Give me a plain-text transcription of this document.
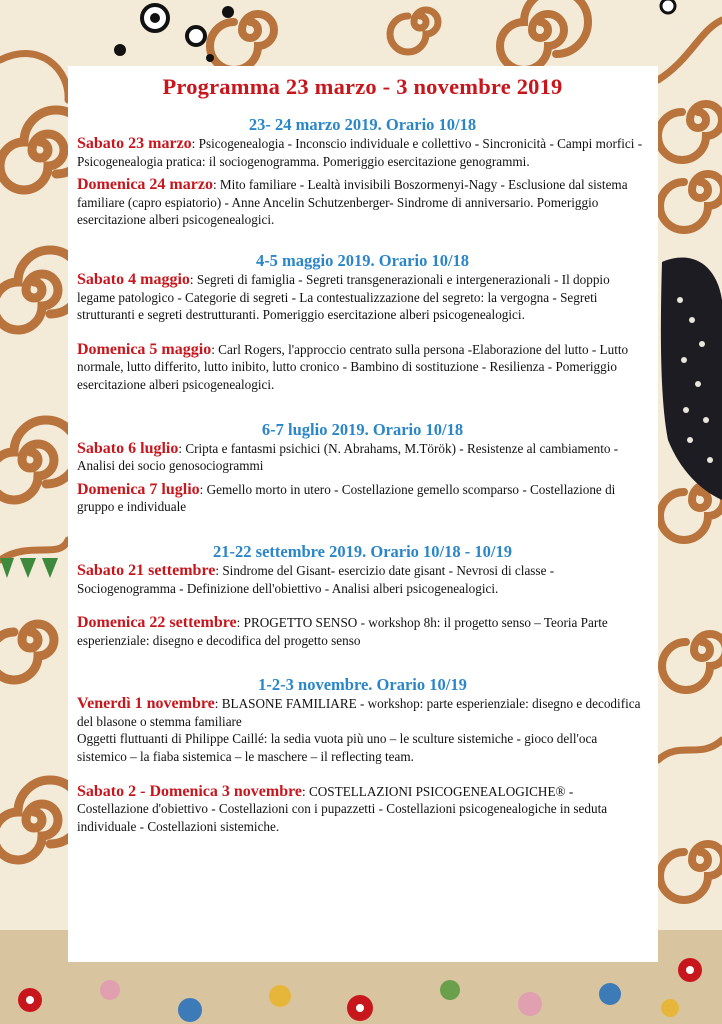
Programma 23 marzo - 3 novembre 2019
23- 24 marzo 2019. Orario 10/18

Sabato 23 marzo: Psicogenealogia - Inconscio individuale e collettivo - Sincronicità - Campi morfici - Psicogenealogia pratica: il sociogenogramma. Pomeriggio esercitazione genogrammi.

Domenica 24 marzo: Mito familiare - Lealtà invisibili Boszormenyi-Nagy - Esclusione dal sistema familiare (capro espiatorio) - Anne Ancelin Schutzenberger- Sindrome di anniversario. Pomeriggio esercitazione alberi psicogenealogici.

4-5 maggio 2019. Orario 10/18

Sabato 4 maggio: Segreti di famiglia - Segreti transgenerazionali e intergenerazionali - Il doppio legame patologico - Categorie di segreti - La contestualizzazione del segreto: la vergogna - Segreti strutturanti e segreti destrutturanti. Pomeriggio esercitazione alberi psicogenealogici.

Domenica 5 maggio: Carl Rogers, l'approccio centrato sulla persona -Elaborazione del lutto - Lutto normale, lutto differito, lutto inibito, lutto cronico - Bambino di sostituzione - Resilienza - Pomeriggio esercitazione alberi psicogenealogici.

6-7 luglio 2019. Orario 10/18

Sabato 6 luglio: Cripta e fantasmi psichici (N. Abrahams, M.Török) - Resistenze al cambiamento - Analisi dei socio genosociogrammi

Domenica 7 luglio: Gemello morto in utero - Costellazione gemello scomparso - Costellazione di gruppo e individuale

21-22 settembre 2019. Orario 10/18 - 10/19

Sabato 21 settembre: Sindrome del Gisant- esercizio date gisant - Nevrosi di classe - Sociogenogramma - Definizione dell'obiettivo - Analisi alberi psicogenealogici.

Domenica 22 settembre: PROGETTO SENSO - workshop 8h: il progetto senso – Teoria Parte esperienziale: disegno e decodifica del progetto senso

1-2-3 novembre. Orario 10/19

Venerdì 1 novembre: BLASONE FAMILIARE - workshop: parte esperienziale: disegno e decodifica del blasone o stemma familiare

Oggetti fluttuanti di Philippe Caillé: la sedia vuota più uno – le sculture sistemiche - gioco dell'oca sistemico – la fiaba sistemica – le maschere – il reflecting team.

Sabato 2 - Domenica 3 novembre: COSTELLAZIONI PSICOGENEALOGICHE® - Costellazione d'obiettivo - Costellazioni con i pupazzetti - Costellazioni psicogenealogiche in seduta individuale - Costellazioni sistemiche.
